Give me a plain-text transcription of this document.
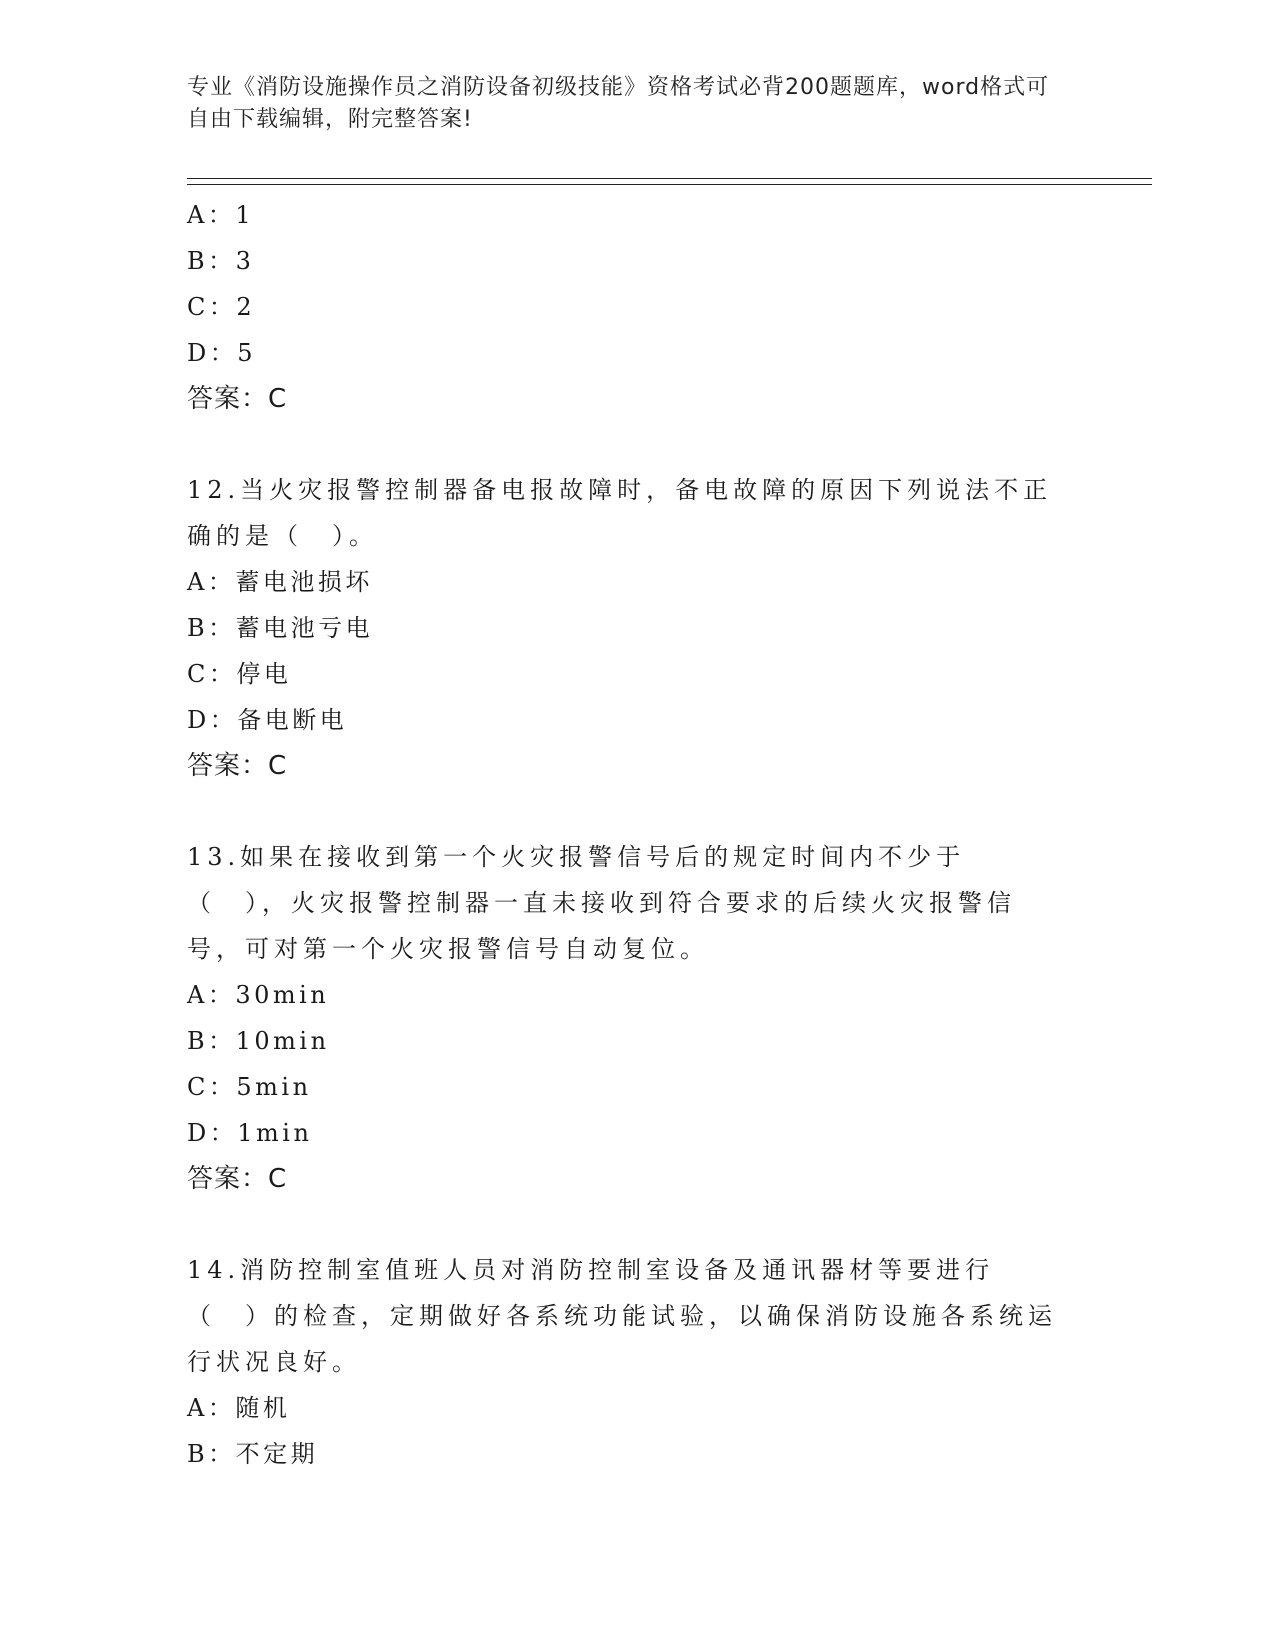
专业《消防设施操作员之消防设备初级技能》资格考试必背200题题库，word格式可自由下载编辑，附完整答案!
A：1
B：3
C：2
D：5
答案：C
12.当火灾报警控制器备电报故障时，备电故障的原因下列说法不正确的是（　）。
A：蓄电池损坏
B：蓄电池亏电
C：停电
D：备电断电
答案：C
13.如果在接收到第一个火灾报警信号后的规定时间内不少于（　），火灾报警控制器一直未接收到符合要求的后续火灾报警信号，可对第一个火灾报警信号自动复位。
A：30min
B：10min
C：5min
D：1min
答案：C
14.消防控制室值班人员对消防控制室设备及通讯器材等要进行（　）的检查，定期做好各系统功能试验，以确保消防设施各系统运行状况良好。
A：随机
B：不定期
